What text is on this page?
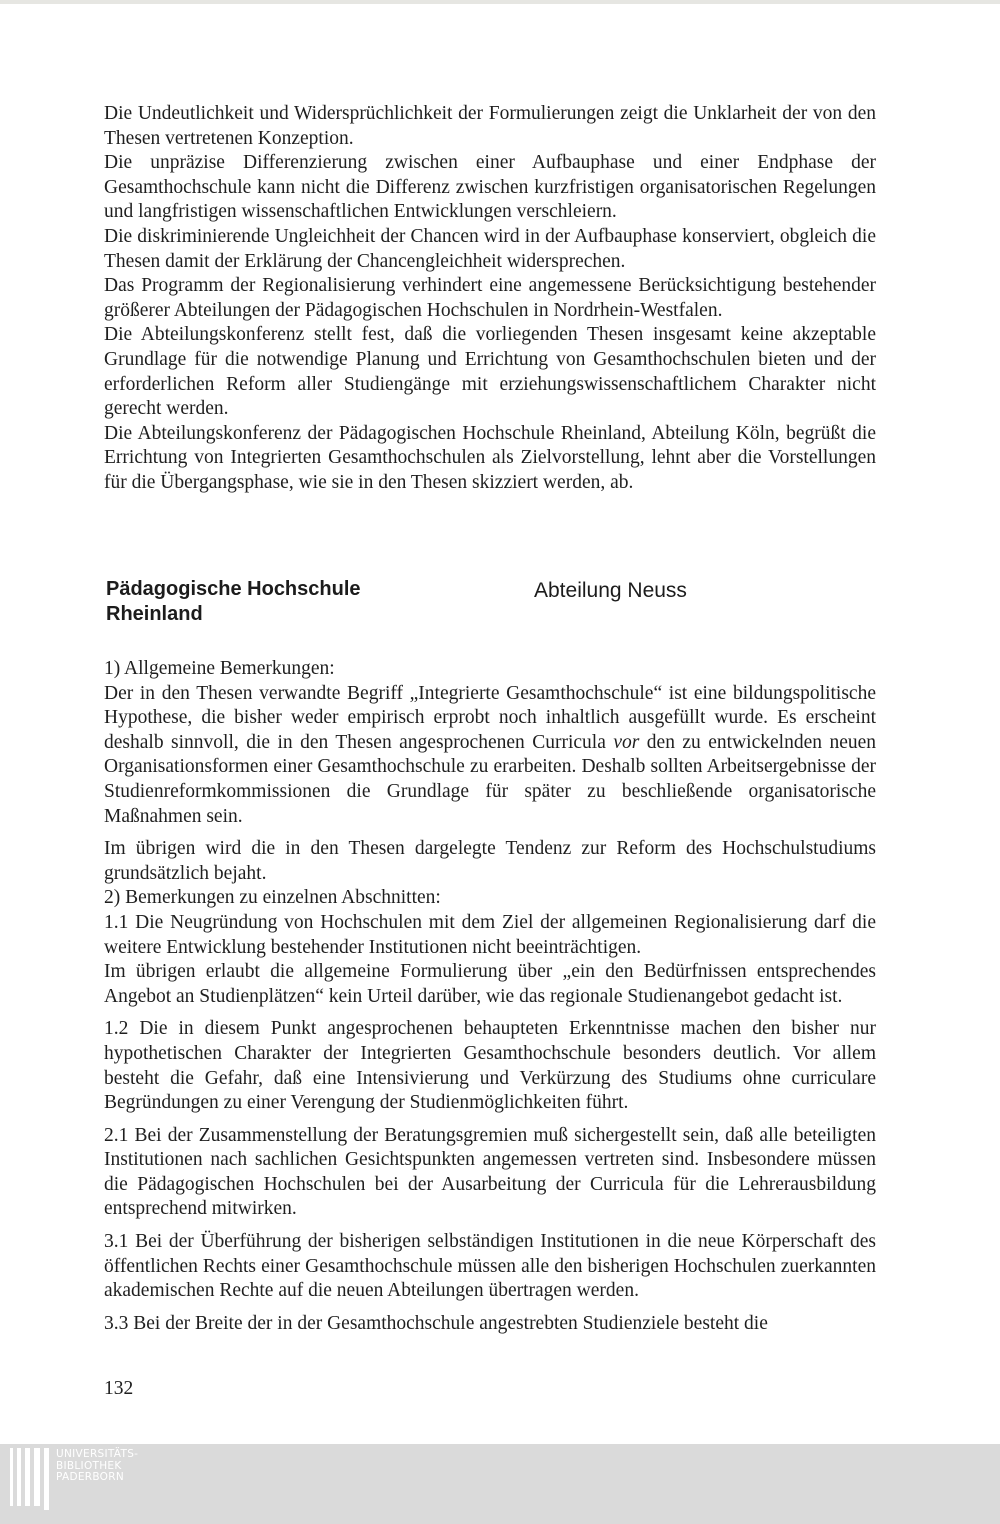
Die Undeutlichkeit und Widersprüchlichkeit der Formulierungen zeigt die Unklarheit der von den Thesen vertretenen Konzeption.

Die unpräzise Differenzierung zwischen einer Aufbauphase und einer Endphase der Gesamthochschule kann nicht die Differenz zwischen kurzfristigen organisatorischen Regelungen und langfristigen wissenschaftlichen Entwicklungen verschleiern.

Die diskriminierende Ungleichheit der Chancen wird in der Aufbauphase konserviert, obgleich die Thesen damit der Erklärung der Chancengleichheit widersprechen.

Das Programm der Regionalisierung verhindert eine angemessene Berücksichtigung bestehender größerer Abteilungen der Pädagogischen Hochschulen in Nordrhein-Westfalen.

Die Abteilungskonferenz stellt fest, daß die vorliegenden Thesen insgesamt keine akzeptable Grundlage für die notwendige Planung und Errichtung von Gesamthochschulen bieten und der erforderlichen Reform aller Studiengänge mit erziehungswissenschaftlichem Charakter nicht gerecht werden.

Die Abteilungskonferenz der Pädagogischen Hochschule Rheinland, Abteilung Köln, begrüßt die Errichtung von Integrierten Gesamthochschulen als Zielvorstellung, lehnt aber die Vorstellungen für die Übergangsphase, wie sie in den Thesen skizziert werden, ab.

Pädagogische Hochschule
Rheinland
Abteilung Neuss

1) Allgemeine Bemerkungen:

Der in den Thesen verwandte Begriff „Integrierte Gesamthochschule“ ist eine bildungspolitische Hypothese, die bisher weder empirisch erprobt noch inhaltlich ausgefüllt wurde. Es erscheint deshalb sinnvoll, die in den Thesen angesprochenen Curricula vor den zu entwickelnden neuen Organisationsformen einer Gesamthochschule zu erarbeiten. Deshalb sollten Arbeitsergebnisse der Studienreformkommissionen die Grundlage für später zu beschließende organisatorische Maßnahmen sein.

Im übrigen wird die in den Thesen dargelegte Tendenz zur Reform des Hochschulstudiums grundsätzlich bejaht.

2) Bemerkungen zu einzelnen Abschnitten:

1.1 Die Neugründung von Hochschulen mit dem Ziel der allgemeinen Regionalisierung darf die weitere Entwicklung bestehender Institutionen nicht beeinträchtigen.

Im übrigen erlaubt die allgemeine Formulierung über „ein den Bedürfnissen entsprechendes Angebot an Studienplätzen“ kein Urteil darüber, wie das regionale Studienangebot gedacht ist.

1.2 Die in diesem Punkt angesprochenen behaupteten Erkenntnisse machen den bisher nur hypothetischen Charakter der Integrierten Gesamthochschule besonders deutlich. Vor allem besteht die Gefahr, daß eine Intensivierung und Verkürzung des Studiums ohne curriculare Begründungen zu einer Verengung der Studienmöglichkeiten führt.

2.1 Bei der Zusammenstellung der Beratungsgremien muß sichergestellt sein, daß alle beteiligten Institutionen nach sachlichen Gesichtspunkten angemessen vertreten sind. Insbesondere müssen die Pädagogischen Hochschulen bei der Ausarbeitung der Curricula für die Lehrerausbildung entsprechend mitwirken.

3.1 Bei der Überführung der bisherigen selbständigen Institutionen in die neue Körperschaft des öffentlichen Rechts einer Gesamthochschule müssen alle den bisherigen Hochschulen zuerkannten akademischen Rechte auf die neuen Abteilungen übertragen werden.

3.3 Bei der Breite der in der Gesamthochschule angestrebten Studienziele besteht die

132
UNIVERSITÄTS-
BIBLIOTHEK
PADERBORN
